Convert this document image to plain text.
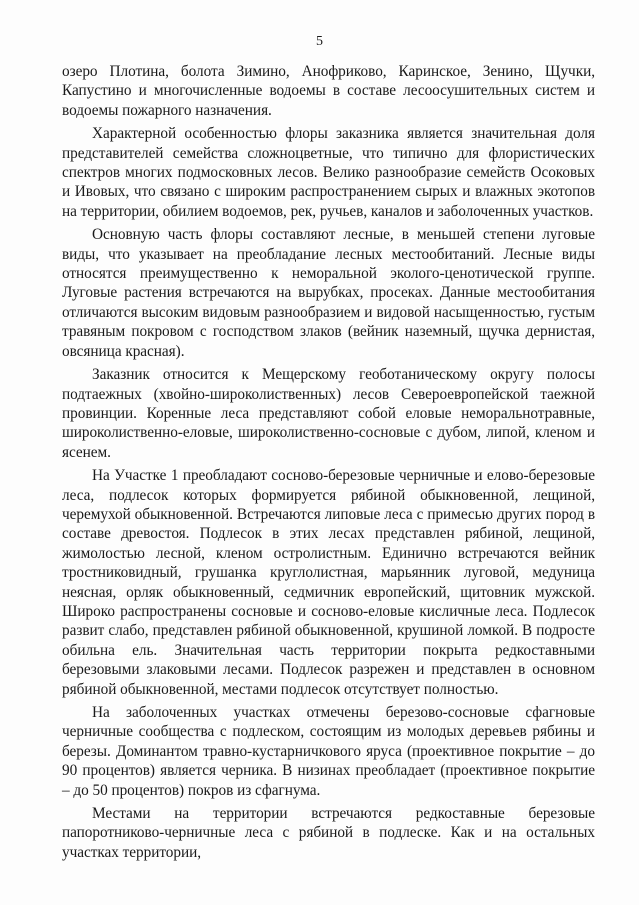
5

озеро Плотина, болота Зимино, Анофриково, Каринское, Зенино, Щучки, Капустино и многочисленные водоемы в составе лесоосушительных систем и водоемы пожарного назначения.

Характерной особенностью флоры заказника является значительная доля представителей семейства сложноцветные, что типично для флористических спектров многих подмосковных лесов. Велико разнообразие семейств Осоковых и Ивовых, что связано с широким распространением сырых и влажных экотопов на территории, обилием водоемов, рек, ручьев, каналов и заболоченных участков.

Основную часть флоры составляют лесные, в меньшей степени луговые виды, что указывает на преобладание лесных местообитаний. Лесные виды относятся преимущественно к неморальной эколого-ценотической группе. Луговые растения встречаются на вырубках, просеках. Данные местообитания отличаются высоким видовым разнообразием и видовой насыщенностью, густым травяным покровом с господством злаков (вейник наземный, щучка дернистая, овсяница красная).

Заказник относится к Мещерскому геоботаническому округу полосы подтаежных (хвойно-широколиственных) лесов Североевропейской таежной провинции. Коренные леса представляют собой еловые неморальнотравные, широколиственно-еловые, широколиственно-сосновые с дубом, липой, кленом и ясенем.

На Участке 1 преобладают сосново-березовые черничные и елово-березовые леса, подлесок которых формируется рябиной обыкновенной, лещиной, черемухой обыкновенной. Встречаются липовые леса с примесью других пород в составе древостоя. Подлесок в этих лесах представлен рябиной, лещиной, жимолостью лесной, кленом остролистным. Единично встречаются вейник тростниковидный, грушанка круглолистная, марьянник луговой, медуница неясная, орляк обыкновенный, седмичник европейский, щитовник мужской. Широко распространены сосновые и сосново-еловые кисличные леса. Подлесок развит слабо, представлен рябиной обыкновенной, крушиной ломкой. В подросте обильна ель. Значительная часть территории покрыта редкоставными березовыми злаковыми лесами. Подлесок разрежен и представлен в основном рябиной обыкновенной, местами подлесок отсутствует полностью.

На заболоченных участках отмечены березово-сосновые сфагновые черничные сообщества с подлеском, состоящим из молодых деревьев рябины и березы. Доминантом травно-кустарничкового яруса (проективное покрытие – до 90 процентов) является черника. В низинах преобладает (проективное покрытие – до 50 процентов) покров из сфагнума.

Местами на территории встречаются редкоставные березовые папоротниково-черничные леса с рябиной в подлеске. Как и на остальных участках территории,
